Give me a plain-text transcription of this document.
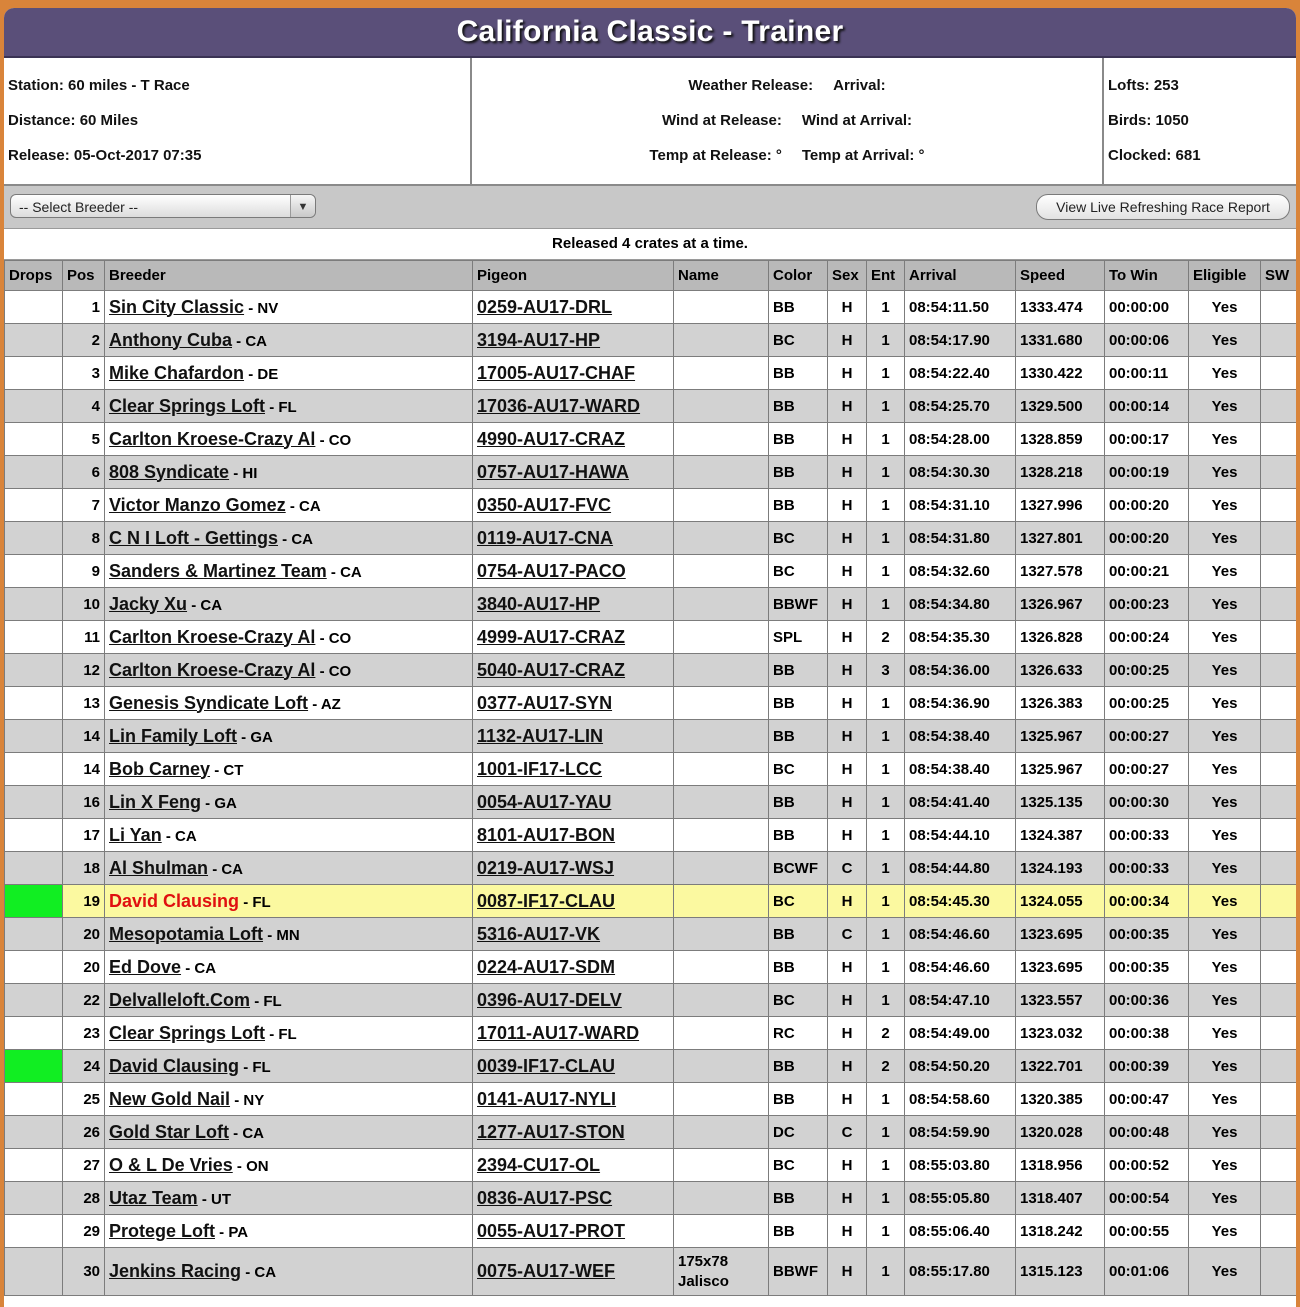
California Classic - Trainer
Station: 60 miles - T Race
Distance: 60 Miles
Release: 05-Oct-2017 07:35
Weather Release: Arrival:
Wind at Release: Wind at Arrival:
Temp at Release: ° Temp at Arrival: °
Lofts: 253
Birds: 1050
Clocked: 681
-- Select Breeder --	▼	View Live Refreshing Race Report
Released 4 crates at a time.
Drops	Pos	Breeder	Pigeon	Name	Color	Sex	Ent	Arrival	Speed	To Win	Eligible	SW
	1	Sin City Classic - NV	0259-AU17-DRL		BB	H	1	08:54:11.50	1333.474	00:00:00	Yes	
	2	Anthony Cuba - CA	3194-AU17-HP		BC	H	1	08:54:17.90	1331.680	00:00:06	Yes	
	3	Mike Chafardon - DE	17005-AU17-CHAF		BB	H	1	08:54:22.40	1330.422	00:00:11	Yes	
	4	Clear Springs Loft - FL	17036-AU17-WARD		BB	H	1	08:54:25.70	1329.500	00:00:14	Yes	
	5	Carlton Kroese-Crazy Al - CO	4990-AU17-CRAZ		BB	H	1	08:54:28.00	1328.859	00:00:17	Yes	
	6	808 Syndicate - HI	0757-AU17-HAWA		BB	H	1	08:54:30.30	1328.218	00:00:19	Yes	
	7	Victor Manzo Gomez - CA	0350-AU17-FVC		BB	H	1	08:54:31.10	1327.996	00:00:20	Yes	
	8	C N I Loft - Gettings - CA	0119-AU17-CNA		BC	H	1	08:54:31.80	1327.801	00:00:20	Yes	
	9	Sanders & Martinez Team - CA	0754-AU17-PACO		BC	H	1	08:54:32.60	1327.578	00:00:21	Yes	
	10	Jacky Xu - CA	3840-AU17-HP		BBWF	H	1	08:54:34.80	1326.967	00:00:23	Yes	
	11	Carlton Kroese-Crazy Al - CO	4999-AU17-CRAZ		SPL	H	2	08:54:35.30	1326.828	00:00:24	Yes	
	12	Carlton Kroese-Crazy Al - CO	5040-AU17-CRAZ		BB	H	3	08:54:36.00	1326.633	00:00:25	Yes	
	13	Genesis Syndicate Loft - AZ	0377-AU17-SYN		BB	H	1	08:54:36.90	1326.383	00:00:25	Yes	
	14	Lin Family Loft - GA	1132-AU17-LIN		BB	H	1	08:54:38.40	1325.967	00:00:27	Yes	
	14	Bob Carney - CT	1001-IF17-LCC		BC	H	1	08:54:38.40	1325.967	00:00:27	Yes	
	16	Lin X Feng - GA	0054-AU17-YAU		BB	H	1	08:54:41.40	1325.135	00:00:30	Yes	
	17	Li Yan - CA	8101-AU17-BON		BB	H	1	08:54:44.10	1324.387	00:00:33	Yes	
	18	Al Shulman - CA	0219-AU17-WSJ		BCWF	C	1	08:54:44.80	1324.193	00:00:33	Yes	
	19	David Clausing - FL	0087-IF17-CLAU		BC	H	1	08:54:45.30	1324.055	00:00:34	Yes	
	20	Mesopotamia Loft - MN	5316-AU17-VK		BB	C	1	08:54:46.60	1323.695	00:00:35	Yes	
	20	Ed Dove - CA	0224-AU17-SDM		BB	H	1	08:54:46.60	1323.695	00:00:35	Yes	
	22	Delvalleloft.Com - FL	0396-AU17-DELV		BC	H	1	08:54:47.10	1323.557	00:00:36	Yes	
	23	Clear Springs Loft - FL	17011-AU17-WARD		RC	H	2	08:54:49.00	1323.032	00:00:38	Yes	
	24	David Clausing - FL	0039-IF17-CLAU		BB	H	2	08:54:50.20	1322.701	00:00:39	Yes	
	25	New Gold Nail - NY	0141-AU17-NYLI		BB	H	1	08:54:58.60	1320.385	00:00:47	Yes	
	26	Gold Star Loft - CA	1277-AU17-STON		DC	C	1	08:54:59.90	1320.028	00:00:48	Yes	
	27	O & L De Vries - ON	2394-CU17-OL		BC	H	1	08:55:03.80	1318.956	00:00:52	Yes	
	28	Utaz Team - UT	0836-AU17-PSC		BB	H	1	08:55:05.80	1318.407	00:00:54	Yes	
	29	Protege Loft - PA	0055-AU17-PROT		BB	H	1	08:55:06.40	1318.242	00:00:55	Yes	
	30	Jenkins Racing - CA	0075-AU17-WEF	175x78 Jalisco	BBWF	H	1	08:55:17.80	1315.123	00:01:06	Yes	
